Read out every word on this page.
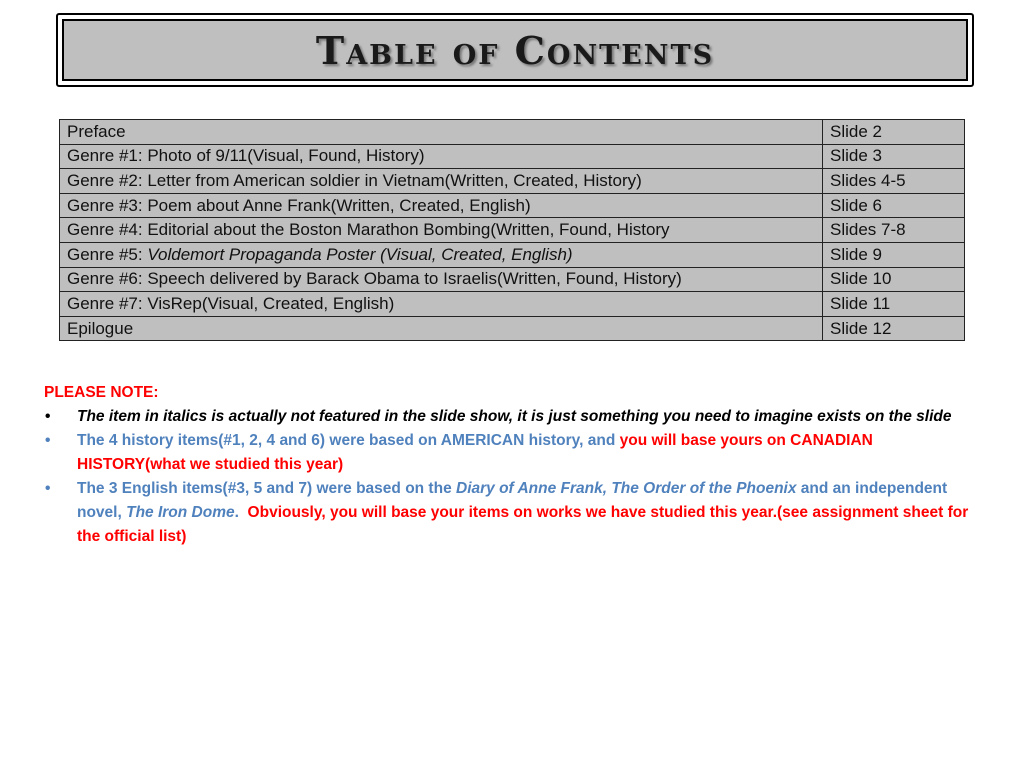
Table of Contents
Preface	Slide 2
Genre #1: Photo of 9/11(Visual, Found, History)	Slide 3
Genre #2: Letter from American soldier in Vietnam(Written, Created, History)	Slides 4-5
Genre #3: Poem about Anne Frank(Written, Created, English)	Slide 6
Genre #4: Editorial about the Boston Marathon Bombing(Written, Found, History	Slides 7-8
Genre #5: Voldemort Propaganda Poster (Visual, Created, English)	Slide 9
Genre #6: Speech delivered by Barack Obama to Israelis(Written, Found, History)	Slide 10
Genre #7: VisRep(Visual, Created, English)	Slide 11
Epilogue	Slide 12
PLEASE NOTE:
• The item in italics is actually not featured in the slide show, it is just something you need to imagine exists on the slide
• The 4 history items(#1, 2, 4 and 6) were based on AMERICAN history, and you will base yours on CANADIAN HISTORY(what we studied this year)
• The 3 English items(#3, 5 and 7) were based on the Diary of Anne Frank, The Order of the Phoenix and an independent novel, The Iron Dome.  Obviously, you will base your items on works we have studied this year.(see assignment sheet for the official list)
